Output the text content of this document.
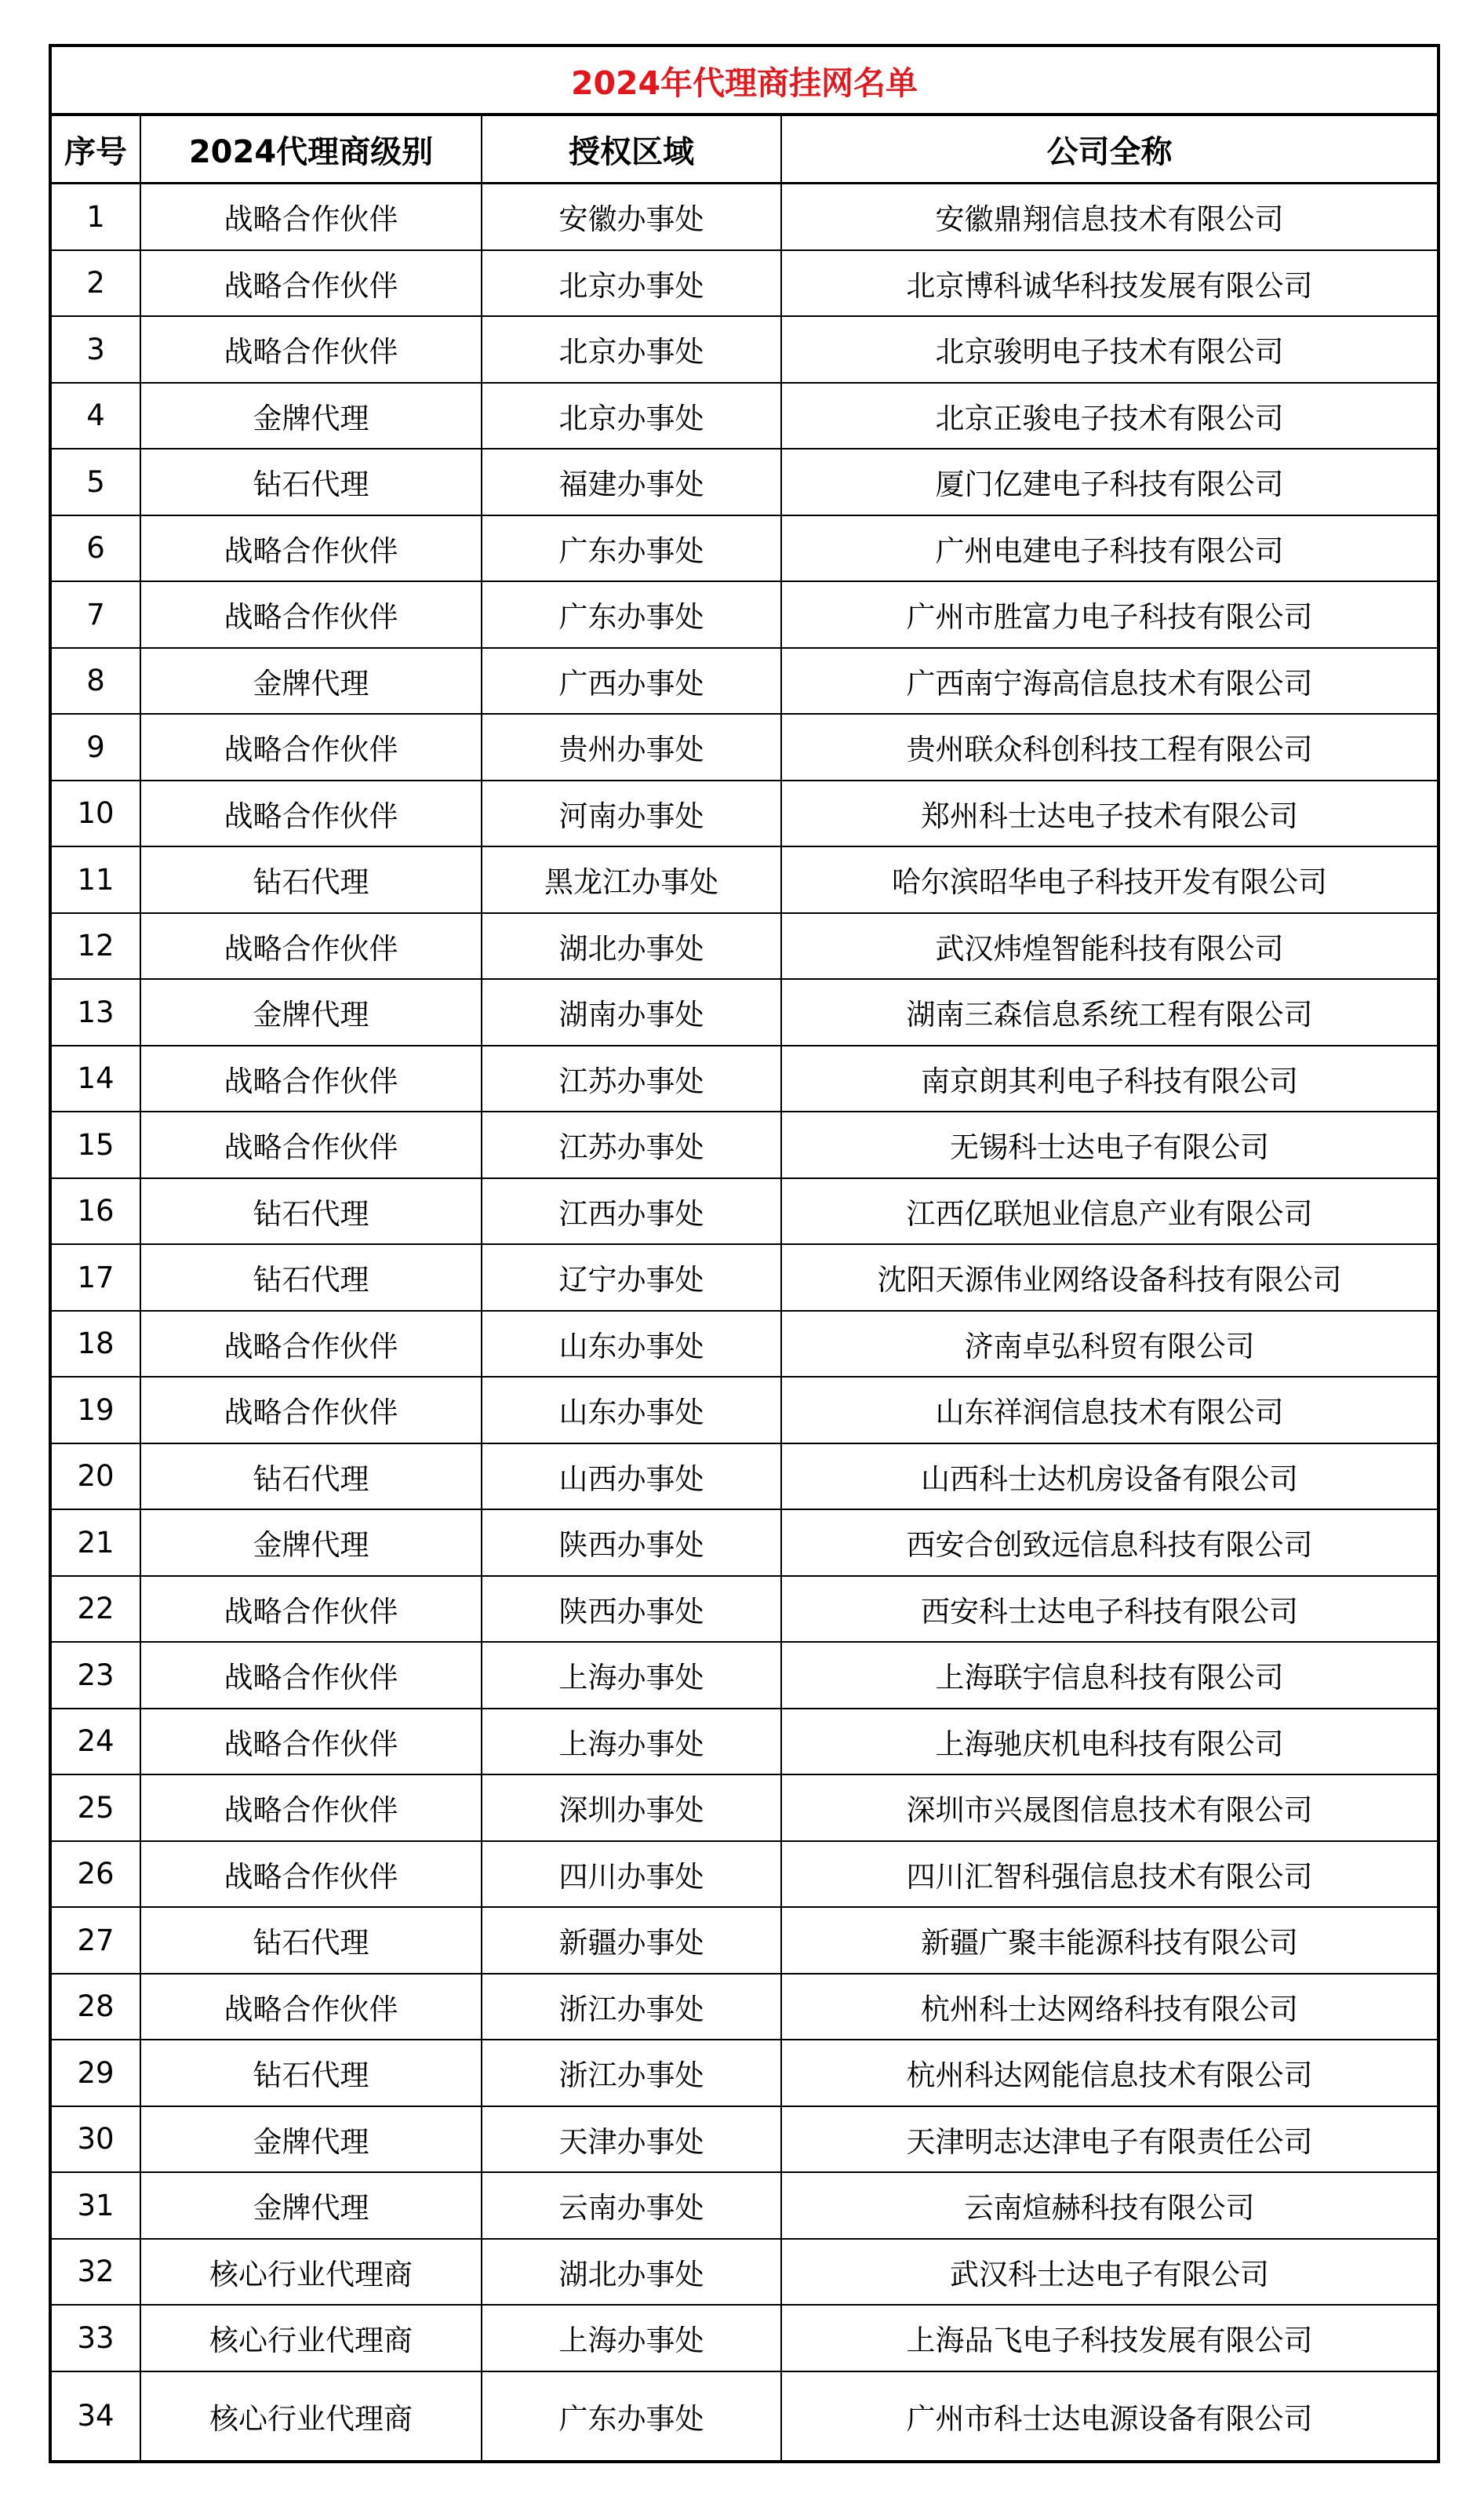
2024年代理商挂网名单			
序号	2024代理商级别	授权区域	公司全称
1	战略合作伙伴	安徽办事处	安徽鼎翔信息技术有限公司
2	战略合作伙伴	北京办事处	北京博科诚华科技发展有限公司
3	战略合作伙伴	北京办事处	北京骏明电子技术有限公司
4	金牌代理	北京办事处	北京正骏电子技术有限公司
5	钻石代理	福建办事处	厦门亿建电子科技有限公司
6	战略合作伙伴	广东办事处	广州电建电子科技有限公司
7	战略合作伙伴	广东办事处	广州市胜富力电子科技有限公司
8	金牌代理	广西办事处	广西南宁海高信息技术有限公司
9	战略合作伙伴	贵州办事处	贵州联众科创科技工程有限公司
10	战略合作伙伴	河南办事处	郑州科士达电子技术有限公司
11	钻石代理	黑龙江办事处	哈尔滨昭华电子科技开发有限公司
12	战略合作伙伴	湖北办事处	武汉炜煌智能科技有限公司
13	金牌代理	湖南办事处	湖南三森信息系统工程有限公司
14	战略合作伙伴	江苏办事处	南京朗其利电子科技有限公司
15	战略合作伙伴	江苏办事处	无锡科士达电子有限公司
16	钻石代理	江西办事处	江西亿联旭业信息产业有限公司
17	钻石代理	辽宁办事处	沈阳天源伟业网络设备科技有限公司
18	战略合作伙伴	山东办事处	济南卓弘科贸有限公司
19	战略合作伙伴	山东办事处	山东祥润信息技术有限公司
20	钻石代理	山西办事处	山西科士达机房设备有限公司
21	金牌代理	陕西办事处	西安合创致远信息科技有限公司
22	战略合作伙伴	陕西办事处	西安科士达电子科技有限公司
23	战略合作伙伴	上海办事处	上海联宇信息科技有限公司
24	战略合作伙伴	上海办事处	上海驰庆机电科技有限公司
25	战略合作伙伴	深圳办事处	深圳市兴晟图信息技术有限公司
26	战略合作伙伴	四川办事处	四川汇智科强信息技术有限公司
27	钻石代理	新疆办事处	新疆广聚丰能源科技有限公司
28	战略合作伙伴	浙江办事处	杭州科士达网络科技有限公司
29	钻石代理	浙江办事处	杭州科达网能信息技术有限公司
30	金牌代理	天津办事处	天津明志达津电子有限责任公司
31	金牌代理	云南办事处	云南煊赫科技有限公司
32	核心行业代理商	湖北办事处	武汉科士达电子有限公司
33	核心行业代理商	上海办事处	上海品飞电子科技发展有限公司
34	核心行业代理商	广东办事处	广州市科士达电源设备有限公司
